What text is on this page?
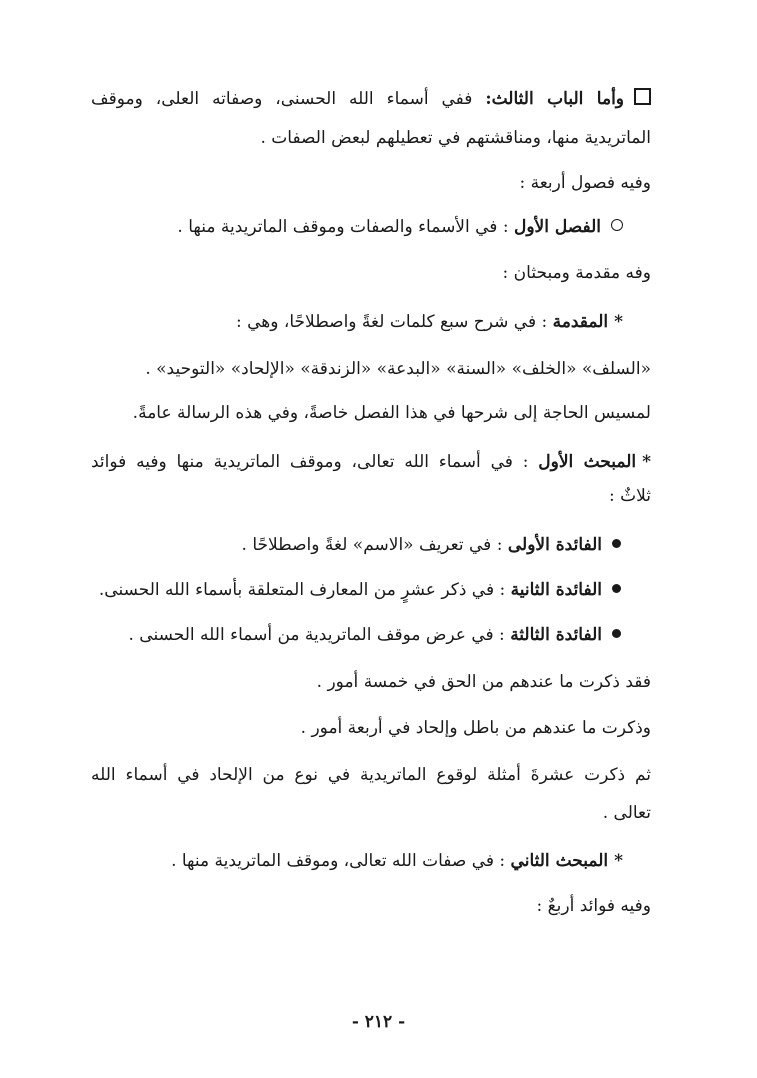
وأما الباب الثالث: ففي أسماء الله الحسنى، وصفاته العلى، وموقف
الماتريدية منها، ومناقشتهم في تعطيلهم لبعض الصفات .
وفيه فصول أربعة :
الفصل الأول : في الأسماء والصفات وموقف الماتريدية منها .
وفه مقدمة ومبحثان :
*المقدمة : في شرح سبع كلمات لغةً واصطلاحًا، وهي :
«السلف» «الخلف» «السنة» «البدعة» «الزندقة» «الإلحاد» «التوحيد» .
لمسيس الحاجة إلى شرحها في هذا الفصل خاصةً، وفي هذه الرسالة عامةً.
*المبحث الأول : في أسماء الله تعالى، وموقف الماتريدية منها وفيه فوائد
ثلاثٌ :
الفائدة الأولى : في تعريف «الاسم» لغةً واصطلاحًا .
الفائدة الثانية : في ذكر عشرٍ من المعارف المتعلقة بأسماء الله الحسنى.
الفائدة الثالثة : في عرض موقف الماتريدية من أسماء الله الحسنى .
فقد ذكرت ما عندهم من الحق في خمسة أمور .
وذكرت ما عندهم من باطل وإلحاد في أربعة أمور .
ثم ذكرت عشرةَ أمثلة لوقوع الماتريدية في نوع من الإلحاد في أسماء الله
تعالى .
*المبحث الثاني : في صفات الله تعالى، وموقف الماتريدية منها .
وفيه فوائد أربعٌ :
- ٢١٢ -
